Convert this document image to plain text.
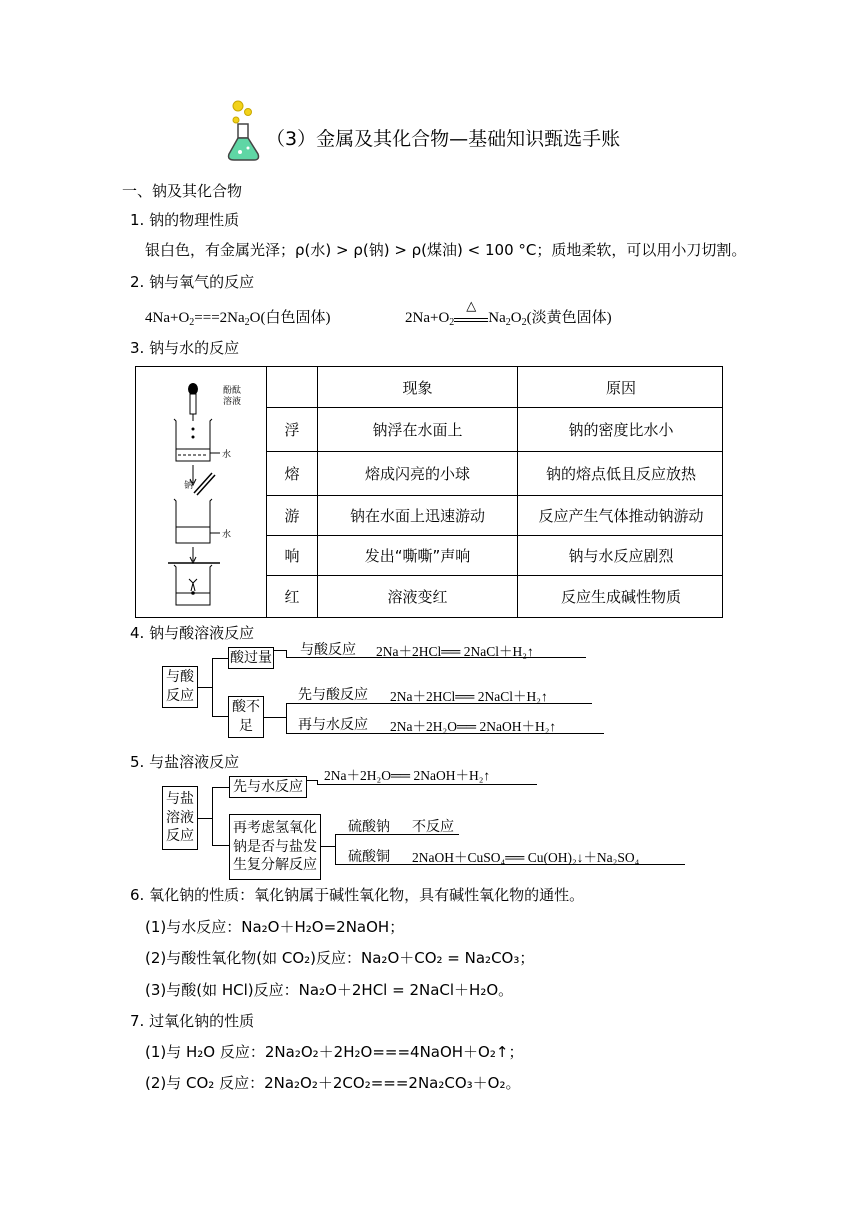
（3）金属及其化合物—基础知识甄选手账
一、钠及其化合物
1. 钠的物理性质
银白色，有金属光泽；ρ(水) > ρ(钠) > ρ(煤油) < 100 °C；质地柔软，可以用小刀切割。
2. 钠与氧气的反应
$4Na+O_2===2Na_2O$(白色固体)	$2Na+O_2$
△
$Na_2O_2$(淡黄色固体)
3. 钠与水的反应
酚酞
溶液
水
钠
水
现象	原因
浮	钠浮在水面上	钠的密度比水小
熔	熔成闪亮的小球	钠的熔点低且反应放热
游	钠在水面上迅速游动	反应产生气体推动钠游动
响	发出“嘶嘶”声响	钠与水反应剧烈
红	溶液变红	反应生成碱性物质
4. 钠与酸溶液反应
与酸
反应
酸过量 与酸反应 2Na＋2HCl══ 2NaCl＋H₂↑
酸不
足
先与酸反应 2Na＋2HCl══ 2NaCl＋H₂↑
再与水反应 2Na＋2H₂O══ 2NaOH＋H₂↑
5. 与盐溶液反应
与盐
溶液
反应
先与水反应
2Na＋2H₂O══ 2NaOH＋H₂↑
再考虑氢氧化
钠是否与盐发
生复分解反应
硫酸钠 不反应
硫酸铜 2NaOH＋CuSO₄══ Cu(OH)₂↓＋Na₂SO₄
6. 氧化钠的性质：氧化钠属于碱性氧化物，具有碱性氧化物的通性。
(1)与水反应：Na₂O＋H₂O=2NaOH；
(2)与酸性氧化物(如 CO₂)反应：Na₂O＋CO₂ = Na₂CO₃；
(3)与酸(如 HCl)反应：Na₂O＋2HCl = 2NaCl＋H₂O。
7. 过氧化钠的性质
(1)与 H₂O 反应：2Na₂O₂＋2H₂O===4NaOH＋O₂↑；
(2)与 CO₂ 反应：2Na₂O₂＋2CO₂===2Na₂CO₃＋O₂。
